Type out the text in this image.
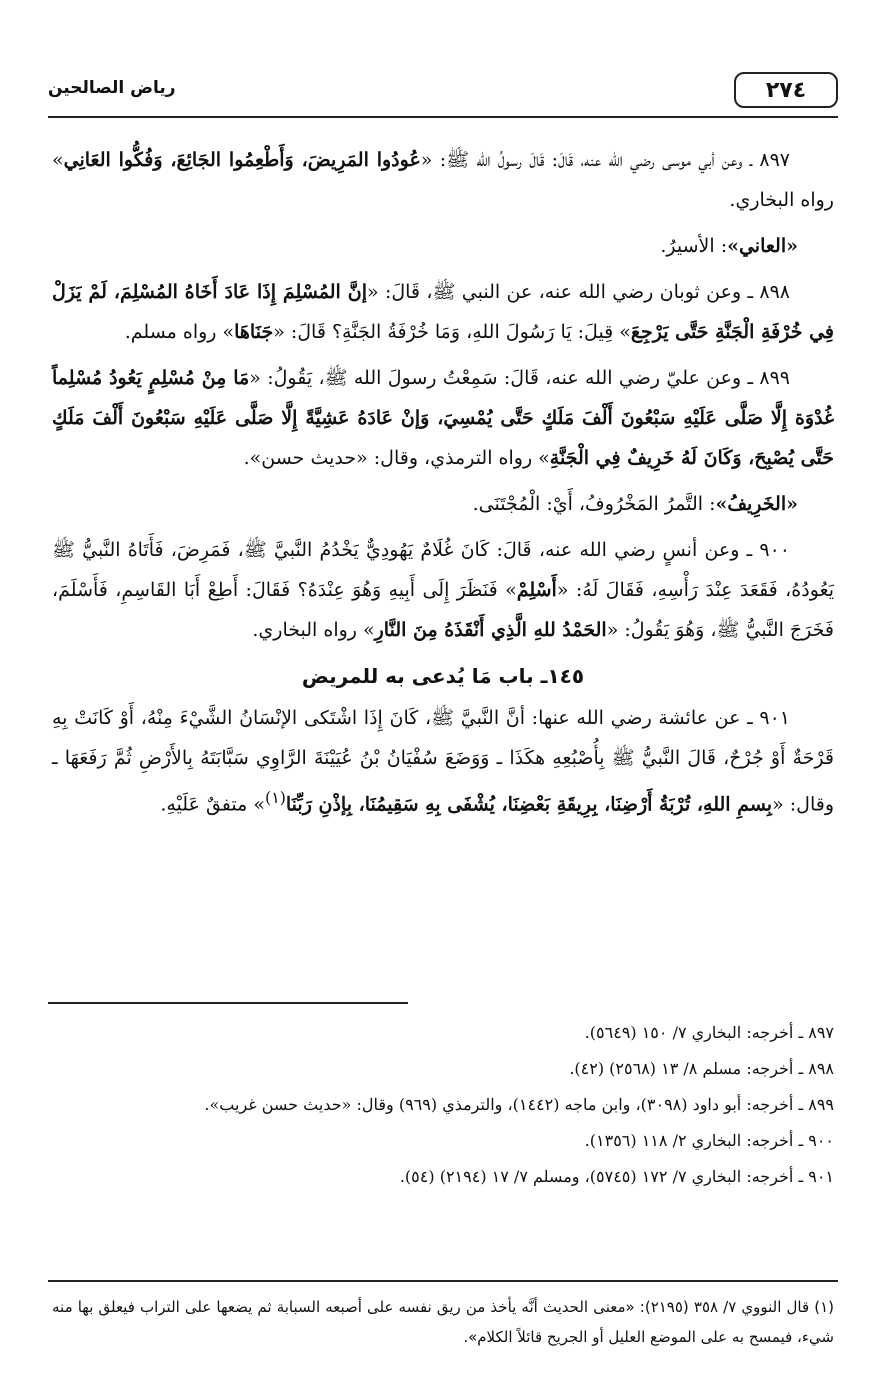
٢٧٤
رياض الصالحين

٨٩٧ ـ وعن أبي موسى رضي الله عنه، قَالَ: قَالَ رسولُ الله ﷺ: «عُودُوا المَرِيضَ، وَأَطْعِمُوا الجَائِعَ، وَفُكُّوا العَانِي» رواه البخاري.

«العاني»: الأسيرُ.

٨٩٨ ـ وعن ثوبان رضي الله عنه، عن النبي ﷺ، قَالَ: «إنَّ المُسْلِمَ إِذَا عَادَ أَخَاهُ المُسْلِمَ، لَمْ يَزَلْ فِي خُرْفَةِ الْجَنَّةِ حَتَّى يَرْجِعَ» قِيلَ: يَا رَسُولَ اللهِ، وَمَا خُرْفَةُ الجَنَّةِ؟ قَالَ: «جَنَاهَا» رواه مسلم.

٨٩٩ ـ وعن عليّ رضي الله عنه، قَالَ: سَمِعْتُ رسولَ الله ﷺ، يَقُولُ: «مَا مِنْ مُسْلِمٍ يَعُودُ مُسْلِماً غُدْوَة إِلَّا صَلَّى عَلَيْهِ سَبْعُونَ أَلْفَ مَلَكٍ حَتَّى يُمْسِيَ، وَإنْ عَادَهُ عَشِيَّةً إِلَّا صَلَّى عَلَيْهِ سَبْعُونَ أَلْفَ مَلَكٍ حَتَّى يُصْبِحَ، وَكَانَ لَهُ خَرِيفٌ فِي الْجَنَّةِ» رواه الترمذي، وقال: «حديث حسن».

«الخَرِيفُ»: التَّمرُ المَخْرُوفُ، أَيْ: الْمُجْتَنَى.

٩٠٠ ـ وعن أنسٍ رضي الله عنه، قَالَ: كَانَ غُلَامٌ يَهُودِيٌّ يَخْدُمُ النَّبيَّ ﷺ، فَمَرِضَ، فَأَتَاهُ النَّبيُّ ﷺ يَعُودُهُ، فَقَعَدَ عِنْدَ رَأْسِهِ، فَقَالَ لَهُ: «أَسْلِمْ» فَنَظَرَ إِلَى أَبِيهِ وَهُوَ عِنْدَهُ؟ فَقَالَ: أَطِعْ أَبَا القَاسِمِ، فَأَسْلَمَ، فَخَرَجَ النَّبيُّ ﷺ، وَهُوَ يَقُولُ: «الحَمْدُ للهِ الَّذِي أَنْقَذَهُ مِنَ النَّارِ» رواه البخاري.

١٤٥ـ باب مَا يُدعى به للمريض

٩٠١ ـ عن عائشة رضي الله عنها: أنَّ النَّبيَّ ﷺ، كَانَ إِذَا اشْتَكى الإنْسَانُ الشَّيْءَ مِنْهُ، أَوْ كَانَتْ بِهِ قَرْحَةٌ أَوْ جُرْحٌ، قَالَ النَّبيُّ ﷺ بِأُصْبُعِهِ هكَذَا ـ وَوَضَعَ سُفْيَانُ بْنُ عُيَيْنَةَ الرَّاوِي سَبَّابَتَهُ بِالأَرْضِ ثُمَّ رَفَعَهَا ـ وقال: «بِسمِ اللهِ، تُرْبَةُ أَرْضِنَا، بِرِيقَةِ بَعْضِنَا، يُشْفَى بِهِ سَقِيمُنَا، بِإذْنِ رَبِّنَا$^{(١)}$» متفقٌ عَلَيْهِ.

٨٩٧ ـ أخرجه: البخاري ٧/ ١٥٠ (٥٦٤٩).
٨٩٨ ـ أخرجه: مسلم ٨/ ١٣ (٢٥٦٨) (٤٢).
٨٩٩ ـ أخرجه: أبو داود (٣٠٩٨)، وابن ماجه (١٤٤٢)، والترمذي (٩٦٩) وقال: «حديث حسن غريب».
٩٠٠ ـ أخرجه: البخاري ٢/ ١١٨ (١٣٥٦).
٩٠١ ـ أخرجه: البخاري ٧/ ١٧٢ (٥٧٤٥)، ومسلم ٧/ ١٧ (٢١٩٤) (٥٤).
(١) قال النووي ٧/ ٣٥٨ (٢١٩٥): «معنى الحديث أنَّه يأخذ من ريق نفسه على أصبعه السبابة ثم يضعها على التراب فيعلق بها منه شيء، فيمسح به على الموضع العليل أو الجريح قائلاً الكلام».
